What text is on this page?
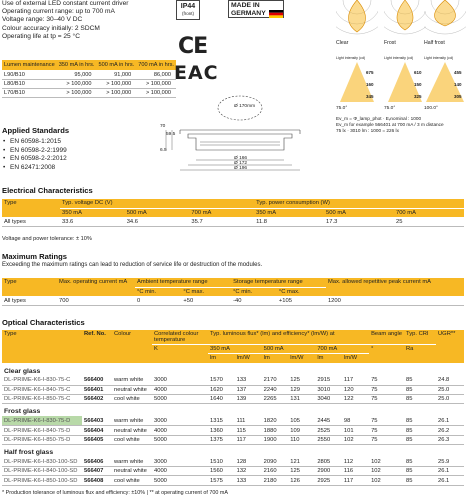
Use of external LED constant current driver
Operating current range: up to 700 mA
Voltage range: 30–40 V DC
Colour accuracy initially: 2 SDCM
Operating life at tp = 25 °C
Lumen maintenance	350 mA in hrs.	500 mA in hrs.	700 mA in hrs.
L90/B10	95,000	91,000	86,000
L80/B10	> 100,000	> 100,000	> 100,000
L70/B10	> 100,000	> 100,000	> 100,000
IP44
(front)
MADE IN GERMANY
CE
EAC
Ø 170mm
Ø 196
Ø 172
Ø 166
70
59.5
6.5
Clear	Frost	Half frost
Light intensity (cd)
675
160
345
75.0°
Light intensity (cd)
610
150
325
75.0°
Light intensity (cd)
455
140
305
100.0°
Ev_m = Φ_lamp_phot · Eᵥnominal : 1000
Ev_m for example 566401 at 700 mA / 3 m distance
75 lx · 3010 lm : 1000 = 226 lx
Applied Standards
• EN 60598-1:2015
• EN 60598-2-2:1999
• EN 60598-2-2:2012
• EN 62471:2008
Electrical Characteristics
Type	Typ. voltage DC (V)			Typ. power consumption (W)		
	350 mA	500 mA	700 mA	350 mA	500 mA	700 mA
All types	33.6	34.6	35.7	11.8	17.3	25
Voltage and power tolerance: ± 10%
Maximum Ratings
Exceeding the maximum ratings can lead to reduction of service life or destruction of the modules.
Type	Max. operating current mA	Ambient temperature range		Storage temperature range		Max. allowed repetitive peak current mA
		°C min.	°C max.	°C min.	°C max.	
All types	700	0	+50	-40	+105	1200
Optical Characteristics
Type	Ref. No.	Colour	Correlated colour temperature	Typ. luminous flux* (lm) and efficiency* (lm/W) at						Beam angle	Typ. CRI	UGR**
			K	350 mA		500 mA		700 mA		°	Ra	
				lm	lm/W	lm	lm/W	lm	lm/W			
Clear glass												
DL-PRIME-K6-I-830-75-C	566400	warm white	3000	1570	133	2170	125	2915	117	75	85	24.8
DL-PRIME-K6-I-840-75-C	566401	neutral white	4000	1620	137	2240	129	3010	120	75	85	25.0
DL-PRIME-K6-I-850-75-C	566402	cool white	5000	1640	139	2265	131	3040	122	75	85	25.0
Frost glass												
DL-PRIME-K6-I-830-75-D	566403	warm white	3000	1315	111	1820	105	2445	98	75	85	26.1
DL-PRIME-K6-I-840-75-D	566404	neutral white	4000	1360	115	1880	109	2525	101	75	85	26.2
DL-PRIME-K6-I-850-75-D	566405	cool white	5000	1375	117	1900	110	2550	102	75	85	26.3
Half frost glass												
DL-PRIME-K6-I-830-100-SD	566406	warm white	3000	1510	128	2090	121	2805	112	102	85	25.9
DL-PRIME-K6-I-840-100-SD	566407	neutral white	4000	1560	132	2160	125	2900	116	102	85	26.1
DL-PRIME-K6-I-850-100-SD	566408	cool white	5000	1575	133	2180	126	2925	117	102	85	26.1
* Production tolerance of luminous flux and efficiency: ±10% | ** at operating current of 700 mA
